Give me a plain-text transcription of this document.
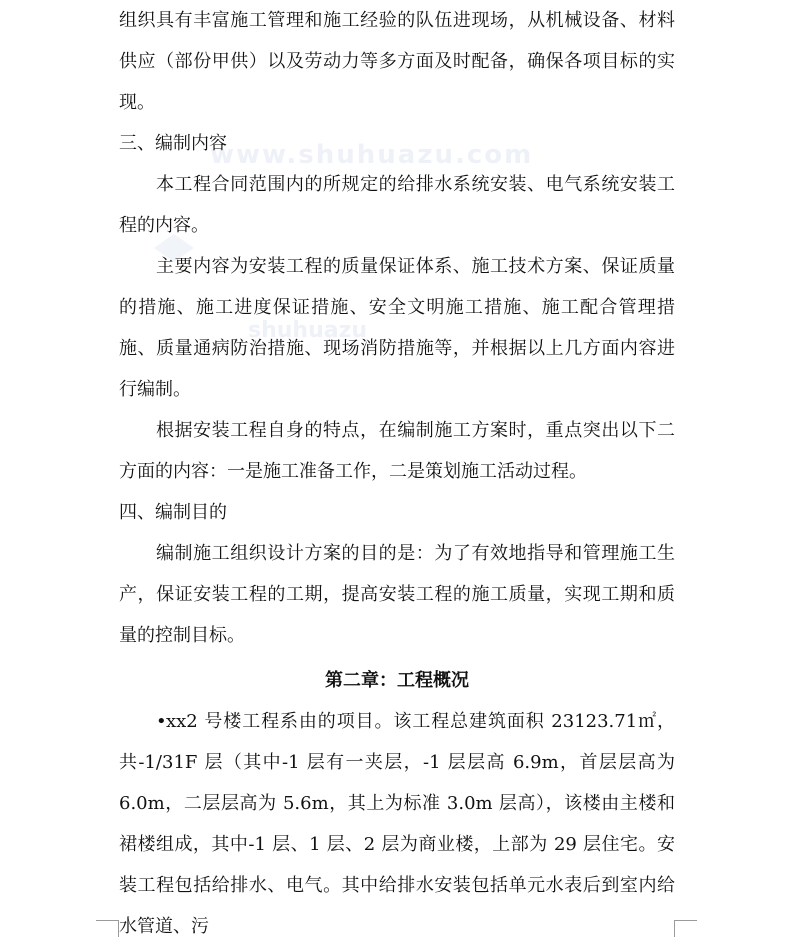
www.shuhuazu.com
shuhuazu

组织具有丰富施工管理和施工经验的队伍进现场，从机械设备、材料供应（部份甲供）以及劳动力等多方面及时配备，确保各项目标的实现。

三、编制内容

本工程合同范围内的所规定的给排水系统安装、电气系统安装工程的内容。

主要内容为安装工程的质量保证体系、施工技术方案、保证质量的措施、施工进度保证措施、安全文明施工措施、施工配合管理措施、质量通病防治措施、现场消防措施等，并根据以上几方面内容进行编制。

根据安装工程自身的特点，在编制施工方案时，重点突出以下二方面的内容：一是施工准备工作，二是策划施工活动过程。

四、编制目的

编制施工组织设计方案的目的是：为了有效地指导和管理施工生产，保证安装工程的工期，提高安装工程的施工质量，实现工期和质量的控制目标。

第二章：工程概况

•xx2 号楼工程系由的项目。该工程总建筑面积 23123.71㎡，共-1/31F 层（其中-1 层有一夹层，-1 层层高 6.9m，首层层高为 6.0m，二层层高为 5.6m，其上为标准 3.0m 层高），该楼由主楼和裙楼组成，其中-1 层、1 层、2 层为商业楼，上部为 29 层住宅。安装工程包括给排水、电气。其中给排水安装包括单元水表后到室内给水管道、污
